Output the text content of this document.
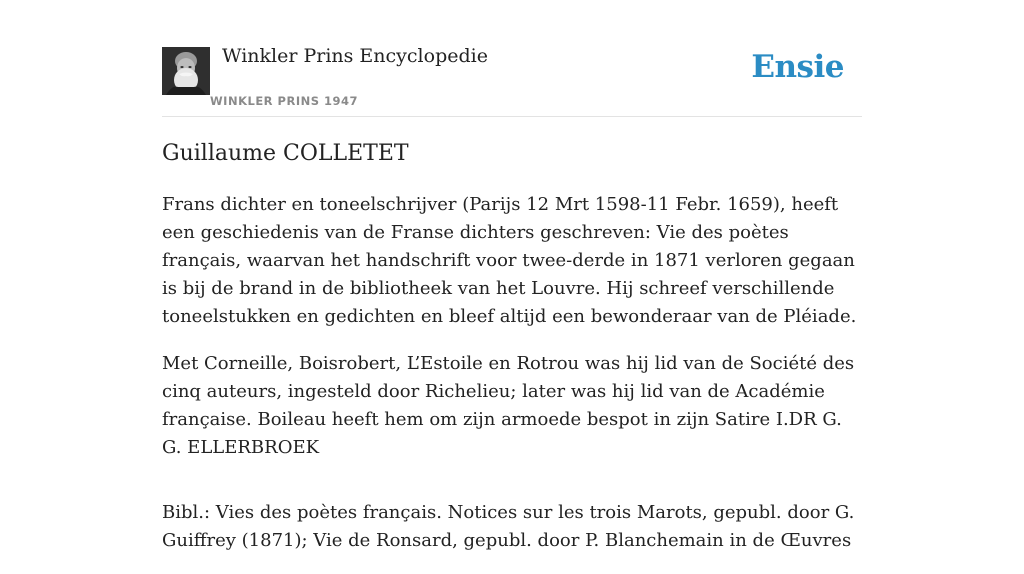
Winkler Prins Encyclopedie
WINKLER PRINS 1947
Ensie
Guillaume COLLETET

Frans dichter en toneelschrijver (Parijs 12 Mrt 1598-11 Febr. 1659), heeft een geschiedenis van de Franse dichters geschreven: Vie des poètes français, waarvan het handschrift voor twee-derde in 1871 verloren gegaan is bij de brand in de bibliotheek van het Louvre. Hij schreef verschillende toneelstukken en gedichten en bleef altijd een bewonderaar van de Pléiade.

Met Corneille, Boisrobert, L’Estoile en Rotrou was hij lid van de Société des cinq auteurs, ingesteld door Richelieu; later was hij lid van de Académie française. Boileau heeft hem om zijn armoede bespot in zijn Satire I.DR G. G. ELLERBROEK

Bibl.: Vies des poètes français. Notices sur les trois Marots, gepubl. door G. Guiffrey (1871); Vie de Ronsard, gepubl. door P. Blanchemain in de Œuvres
